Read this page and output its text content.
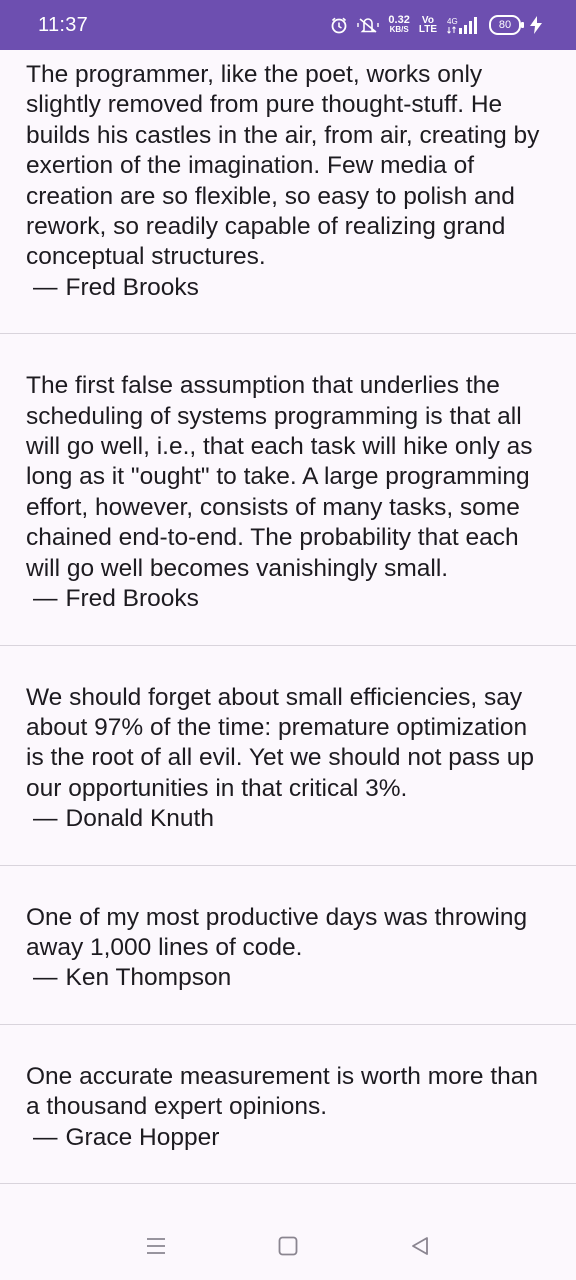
11:37	0.32
KB/S
Vo
LTE
4G	80

The programmer, like the poet, works only slightly removed from pure thought-stuff. He builds his castles in the air, from air, creating by exertion of the imagination. Few media of creation are so flexible, so easy to polish and rework, so readily capable of realizing grand conceptual structures.

— Fred Brooks

The first false assumption that underlies the scheduling of systems programming is that all will go well, i.e., that each task will hike only as long as it "ought" to take. A large programming effort, however, consists of many tasks, some chained end-to-end. The probability that each will go well becomes vanishingly small.

— Fred Brooks

We should forget about small efficiencies, say about 97% of the time: premature optimization is the root of all evil. Yet we should not pass up our opportunities in that critical 3%.

— Donald Knuth

One of my most productive days was throwing away 1,000 lines of code.

— Ken Thompson

One accurate measurement is worth more than a thousand expert opinions.

— Grace Hopper
